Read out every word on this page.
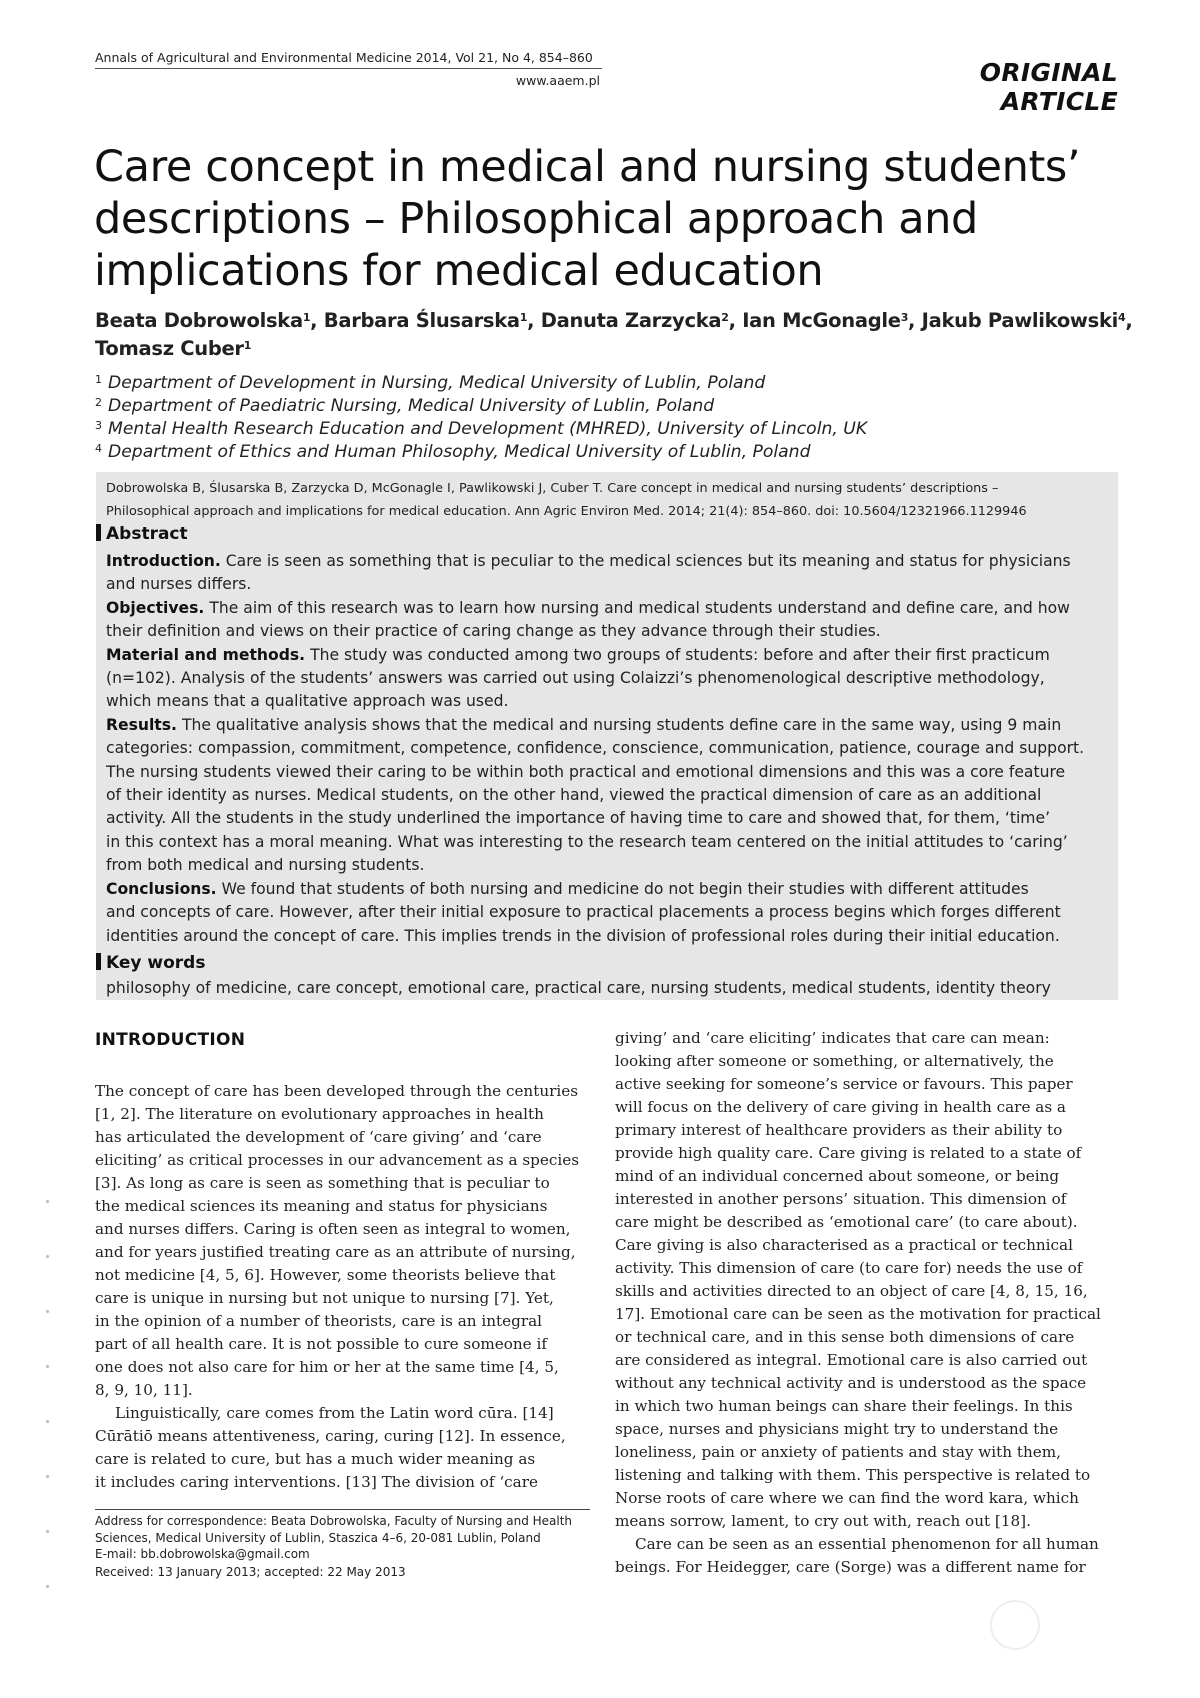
Annals of Agricultural and Environmental Medicine 2014, Vol 21, No 4, 854–860
www.aaem.pl	ORIGINAL ARTICLE
Care concept in medical and nursing students’
descriptions – Philosophical approach and
implications for medical education
Beata Dobrowolska$^1$, Barbara Ślusarska$^1$, Danuta Zarzycka$^2$, Ian McGonagle$^3$, Jakub Pawlikowski$^4$,
Tomasz Cuber$^1$
$^1$ Department of Development in Nursing, Medical University of Lublin, Poland
$^2$ Department of Paediatric Nursing, Medical University of Lublin, Poland
$^3$ Mental Health Research Education and Development (MHRED), University of Lincoln, UK
$^4$ Department of Ethics and Human Philosophy, Medical University of Lublin, Poland
Dobrowolska B, Ślusarska B, Zarzycka D, McGonagle I, Pawlikowski J, Cuber T. Care concept in medical and nursing students’ descriptions –
Philosophical approach and implications for medical education. Ann Agric Environ Med. 2014; 21(4): 854–860. doi: 10.5604/12321966.1129946
Abstract
Introduction. Care is seen as something that is peculiar to the medical sciences but its meaning and status for physicians
and nurses differs.
Objectives. The aim of this research was to learn how nursing and medical students understand and define care, and how
their definition and views on their practice of caring change as they advance through their studies.
Material and methods. The study was conducted among two groups of students: before and after their first practicum
(n=102). Analysis of the students’ answers was carried out using Colaizzi’s phenomenological descriptive methodology,
which means that a qualitative approach was used.
Results. The qualitative analysis shows that the medical and nursing students define care in the same way, using 9 main
categories: compassion, commitment, competence, confidence, conscience, communication, patience, courage and support.
The nursing students viewed their caring to be within both practical and emotional dimensions and this was a core feature
of their identity as nurses. Medical students, on the other hand, viewed the practical dimension of care as an additional
activity. All the students in the study underlined the importance of having time to care and showed that, for them, ‘time’
in this context has a moral meaning. What was interesting to the research team centered on the initial attitudes to ‘caring’
from both medical and nursing students.
Conclusions. We found that students of both nursing and medicine do not begin their studies with different attitudes
and concepts of care. However, after their initial exposure to practical placements a process begins which forges different
identities around the concept of care. This implies trends in the division of professional roles during their initial education.
Key words
philosophy of medicine, care concept, emotional care, practical care, nursing students, medical students, identity theory
INTRODUCTION
The concept of care has been developed through the centuries
[1, 2]. The literature on evolutionary approaches in health
has articulated the development of ‘care giving’ and ‘care
eliciting’ as critical processes in our advancement as a species
[3]. As long as care is seen as something that is peculiar to
the medical sciences its meaning and status for physicians
and nurses differs. Caring is often seen as integral to women,
and for years justified treating care as an attribute of nursing,
not medicine [4, 5, 6]. However, some theorists believe that
care is unique in nursing but not unique to nursing [7]. Yet,
in the opinion of a number of theorists, care is an integral
part of all health care. It is not possible to cure someone if
one does not also care for him or her at the same time [4, 5,
8, 9, 10, 11].
Linguistically, care comes from the Latin word cūra. [14]
Cūrātiō means attentiveness, caring, curing [12]. In essence,
care is related to cure, but has a much wider meaning as
it includes caring interventions. [13] The division of ‘care
giving’ and ‘care eliciting’ indicates that care can mean:
looking after someone or something, or alternatively, the
active seeking for someone’s service or favours. This paper
will focus on the delivery of care giving in health care as a
primary interest of healthcare providers as their ability to
provide high quality care. Care giving is related to a state of
mind of an individual concerned about someone, or being
interested in another persons’ situation. This dimension of
care might be described as ‘emotional care’ (to care about).
Care giving is also characterised as a practical or technical
activity. This dimension of care (to care for) needs the use of
skills and activities directed to an object of care [4, 8, 15, 16,
17]. Emotional care can be seen as the motivation for practical
or technical care, and in this sense both dimensions of care
are considered as integral. Emotional care is also carried out
without any technical activity and is understood as the space
in which two human beings can share their feelings. In this
space, nurses and physicians might try to understand the
loneliness, pain or anxiety of patients and stay with them,
listening and talking with them. This perspective is related to
Norse roots of care where we can find the word kara, which
means sorrow, lament, to cry out with, reach out [18].
Care can be seen as an essential phenomenon for all human
beings. For Heidegger, care (Sorge) was a different name for
Address for correspondence: Beata Dobrowolska, Faculty of Nursing and Health
Sciences, Medical University of Lublin, Staszica 4–6, 20-081 Lublin, Poland
E-mail: bb.dobrowolska@gmail.com
Received: 13 January 2013; accepted: 22 May 2013
